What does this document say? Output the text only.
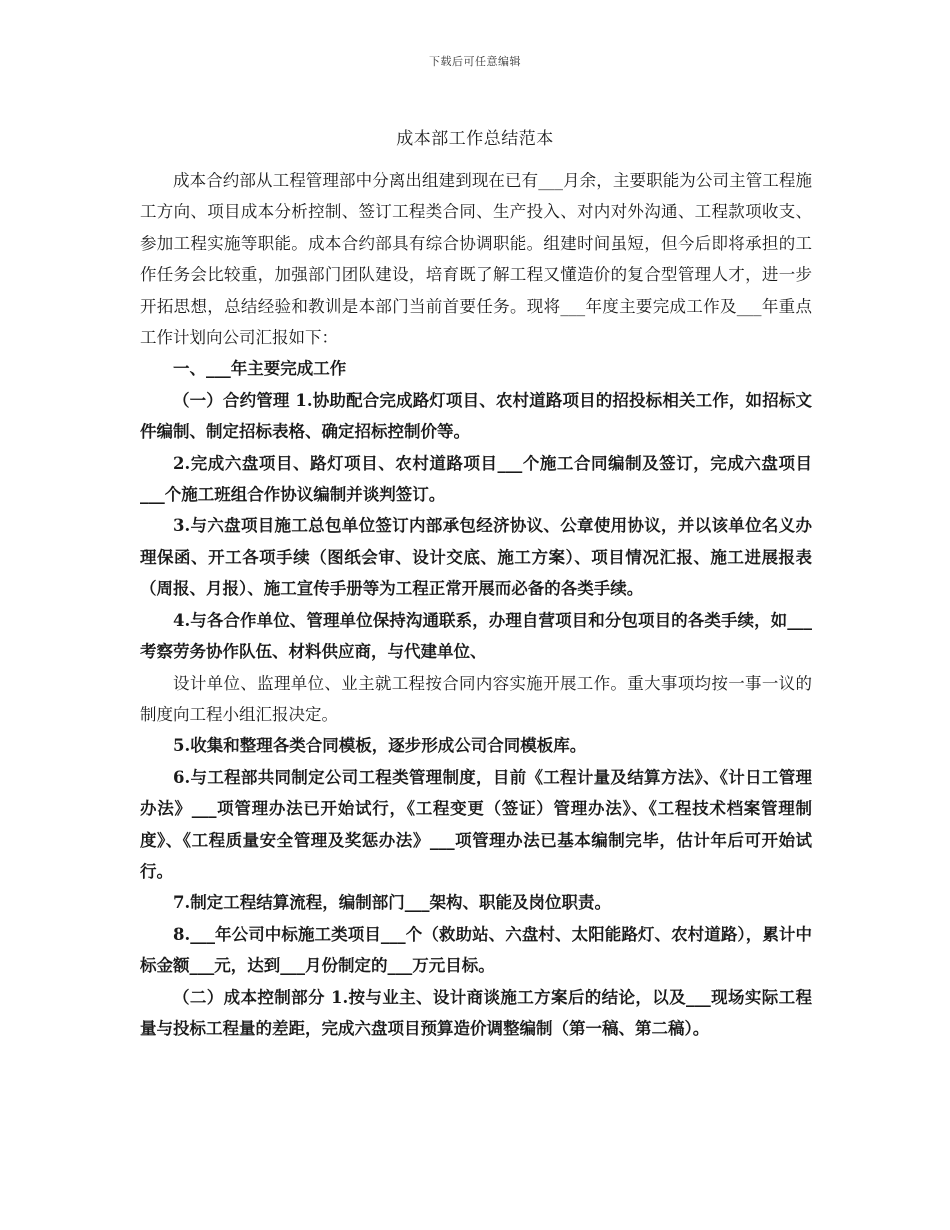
下载后可任意编辑
成本部工作总结范本

成本合约部从工程管理部中分离出组建到现在已有___月余，主要职能为公司主管工程施工方向、项目成本分析控制、签订工程类合同、生产投入、对内对外沟通、工程款项收支、参加工程实施等职能。成本合约部具有综合协调职能。组建时间虽短，但今后即将承担的工作任务会比较重，加强部门团队建设，培育既了解工程又懂造价的复合型管理人才，进一步开拓思想，总结经验和教训是本部门当前首要任务。现将___年度主要完成工作及___年重点工作计划向公司汇报如下：

一、___年主要完成工作

（一）合约管理 1.协助配合完成路灯项目、农村道路项目的招投标相关工作，如招标文件编制、制定招标表格、确定招标控制价等。

2.完成六盘项目、路灯项目、农村道路项目___个施工合同编制及签订，完成六盘项目___个施工班组合作协议编制并谈判签订。

3.与六盘项目施工总包单位签订内部承包经济协议、公章使用协议，并以该单位名义办理保函、开工各项手续（图纸会审、设计交底、施工方案）、项目情况汇报、施工进展报表（周报、月报）、施工宣传手册等为工程正常开展而必备的各类手续。

4.与各合作单位、管理单位保持沟通联系，办理自营项目和分包项目的各类手续，如___考察劳务协作队伍、材料供应商，与代建单位、

设计单位、监理单位、业主就工程按合同内容实施开展工作。重大事项均按一事一议的制度向工程小组汇报决定。

5.收集和整理各类合同模板，逐步形成公司合同模板库。

6.与工程部共同制定公司工程类管理制度，目前《工程计量及结算方法》、《计日工管理办法》___项管理办法已开始试行，《工程变更（签证）管理办法》、《工程技术档案管理制度》、《工程质量安全管理及奖惩办法》___项管理办法已基本编制完毕，估计年后可开始试行。

7.制定工程结算流程，编制部门___架构、职能及岗位职责。

8.___年公司中标施工类项目___个（救助站、六盘村、太阳能路灯、农村道路），累计中标金额___元，达到___月份制定的___万元目标。

（二）成本控制部分 1.按与业主、设计商谈施工方案后的结论，以及___现场实际工程量与投标工程量的差距，完成六盘项目预算造价调整编制（第一稿、第二稿）。
